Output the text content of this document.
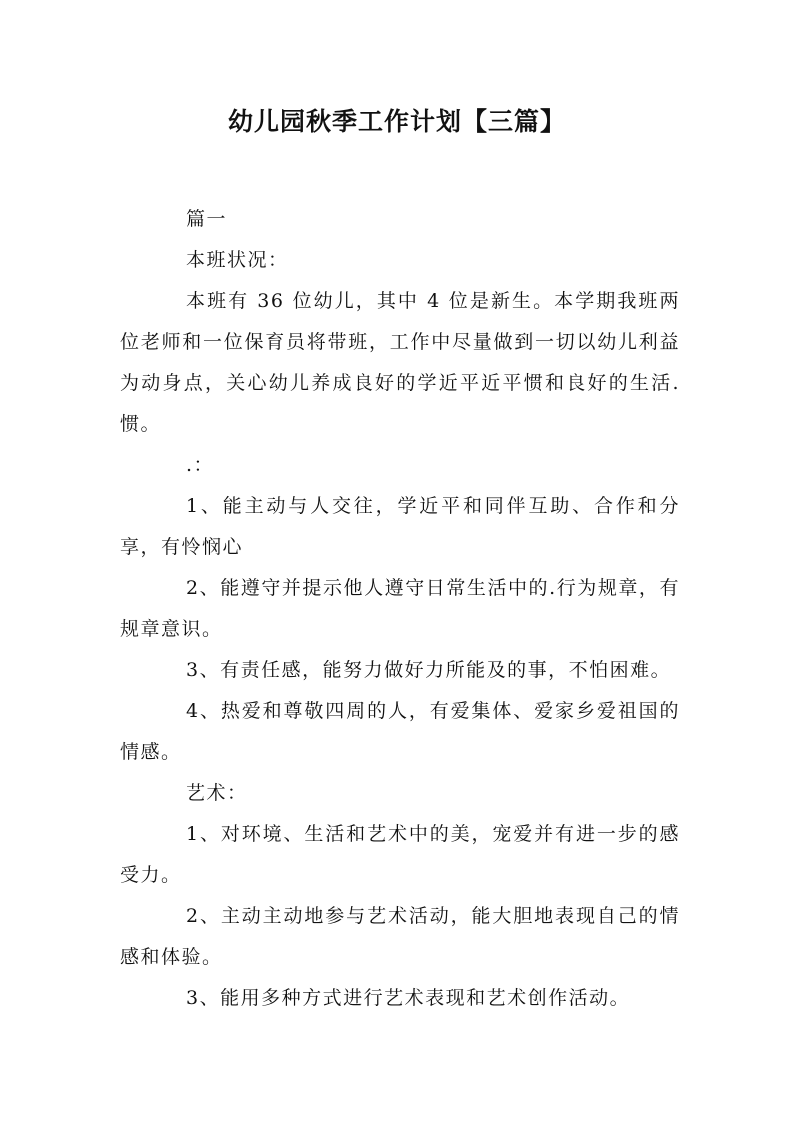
幼儿园秋季工作计划【三篇】

篇一

本班状况：

本班有 36 位幼儿，其中 4 位是新生。本学期我班两位老师和一位保育员将带班，工作中尽量做到一切以幼儿利益为动身点，关心幼儿养成良好的学近平近平惯和良好的生活.惯。

.：

1、能主动与人交往，学近平和同伴互助、合作和分享，有怜悯心

2、能遵守并提示他人遵守日常生活中的.行为规章，有规章意识。

3、有责任感，能努力做好力所能及的事，不怕困难。

4、热爱和尊敬四周的人，有爱集体、爱家乡爱祖国的情感。

艺术：

1、对环境、生活和艺术中的美，宠爱并有进一步的感受力。

2、主动主动地参与艺术活动，能大胆地表现自己的情感和体验。

3、能用多种方式进行艺术表现和艺术创作活动。
